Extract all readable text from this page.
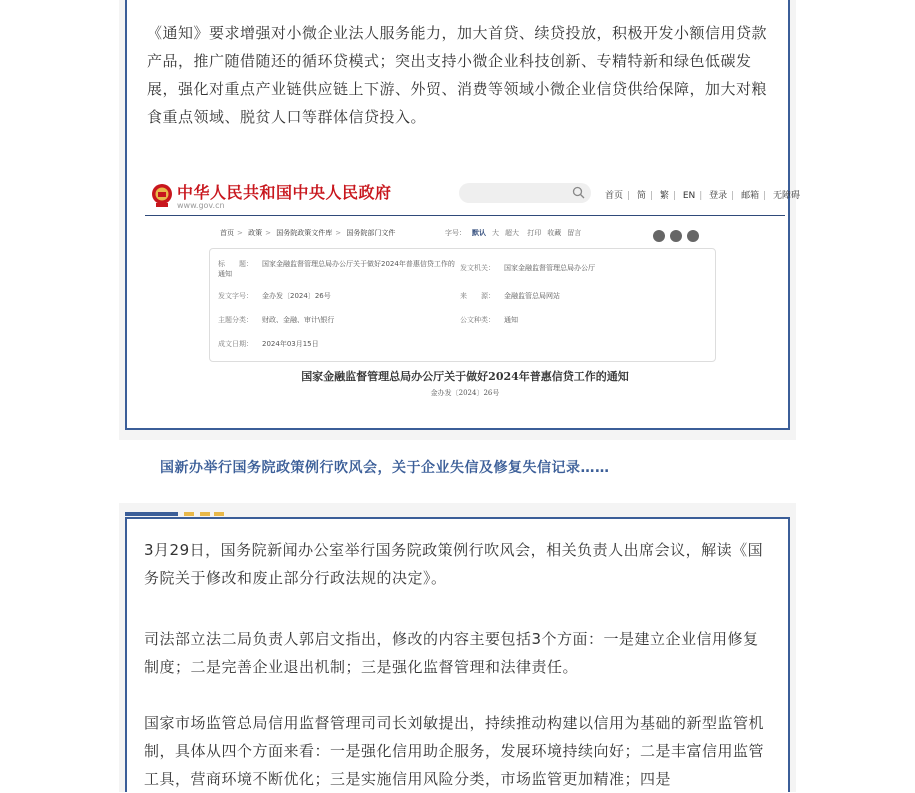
《通知》要求增强对小微企业法人服务能力，加大首贷、续贷投放，积极开发小额信用贷款产品，推广随借随还的循环贷模式；突出支持小微企业科技创新、专精特新和绿色低碳发展，强化对重点产业链供应链上下游、外贸、消费等领域小微企业信贷供给保障，加大对粮食重点领域、脱贫人口等群体信贷投入。

中华人民共和国中央人民政府
www.gov.cn
首页 | 简 | 繁 | EN | 登录 | 邮箱 | 无障碍
首页 > 政策 > 国务院政策文件库 > 国务院部门文件	字号： 默认 大 超大 打印 收藏 留言
标　　题： 国家金融监督管理总局办公厅关于做好2024年普惠信贷工作的通知
发文机关： 国家金融监督管理总局办公厅
发文字号： 金办发〔2024〕26号	来　　源： 金融监管总局网站
主题分类： 财政、金融、审计\银行	公文种类： 通知
成文日期： 2024年03月15日
国家金融监督管理总局办公厅关于做好2024年普惠信贷工作的通知
金办发〔2024〕26号
国新办举行国务院政策例行吹风会，关于企业失信及修复失信记录……

3月29日，国务院新闻办公室举行国务院政策例行吹风会，相关负责人出席会议，解读《国务院关于修改和废止部分行政法规的决定》。

司法部立法二局负责人郭启文指出，修改的内容主要包括3个方面：一是建立企业信用修复制度；二是完善企业退出机制；三是强化监督管理和法律责任。

国家市场监管总局信用监督管理司司长刘敏提出，持续推动构建以信用为基础的新型监管机制，具体从四个方面来看：一是强化信用助企服务，发展环境持续向好；二是丰富信用监管工具，营商环境不断优化；三是实施信用风险分类，市场监管更加精准；四是
